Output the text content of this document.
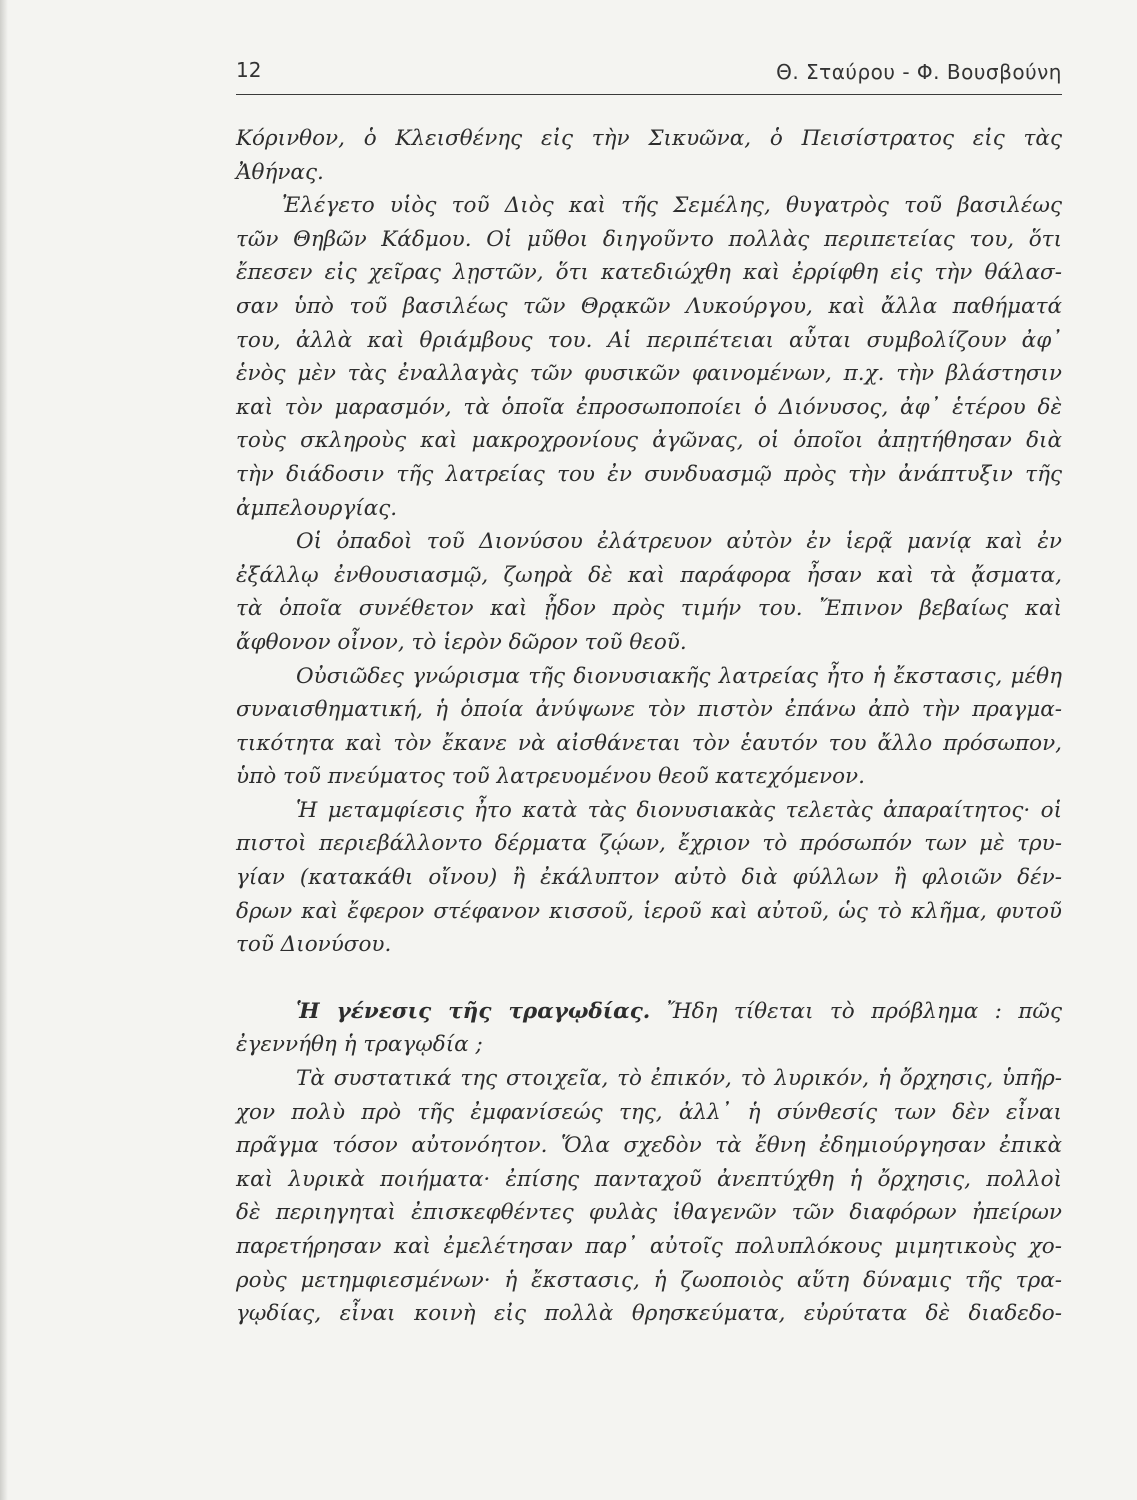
12	Θ. Σταύρου - Φ. Βουσβούνη
Κόρινθον, ὁ Κλεισθένης εἰς τὴν Σικυῶνα, ὁ Πεισίστρατος εἰς τὰς
Ἀθήνας.
Ἐλέγετο υἱὸς τοῦ Διὸς καὶ τῆς Σεμέλης, θυγατρὸς τοῦ βασιλέως
τῶν Θηβῶν Κάδμου. Οἱ μῦθοι διηγοῦντο πολλὰς περιπετείας του, ὅτι
ἔπεσεν εἰς χεῖρας λῃστῶν, ὅτι κατεδιώχθη καὶ ἐρρίφθη εἰς τὴν θάλασ-
σαν ὑπὸ τοῦ βασιλέως τῶν Θρᾳκῶν Λυκούργου, καὶ ἄλλα παθήματά
του, ἀλλὰ καὶ θριάμβους του. Αἱ περιπέτειαι αὗται συμβολίζουν ἀφ᾽
ἑνὸς μὲν τὰς ἐναλλαγὰς τῶν φυσικῶν φαινομένων, π.χ. τὴν βλάστησιν
καὶ τὸν μαρασμόν, τὰ ὁποῖα ἐπροσωποποίει ὁ Διόνυσος, ἀφ᾽ ἑτέρου δὲ
τοὺς σκληροὺς καὶ μακροχρονίους ἀγῶνας, οἱ ὁποῖοι ἀπῃτήθησαν διὰ
τὴν διάδοσιν τῆς λατρείας του ἐν συνδυασμῷ πρὸς τὴν ἀνάπτυξιν τῆς
ἀμπελουργίας.
Οἱ ὀπαδοὶ τοῦ Διονύσου ἐλάτρευον αὐτὸν ἐν ἱερᾷ μανίᾳ καὶ ἐν
ἐξάλλῳ ἐνθουσιασμῷ, ζωηρὰ δὲ καὶ παράφορα ἦσαν καὶ τὰ ᾄσματα,
τὰ ὁποῖα συνέθετον καὶ ᾖδον πρὸς τιμήν του. Ἔπινον βεβαίως καὶ
ἄφθονον οἶνον, τὸ ἱερὸν δῶρον τοῦ θεοῦ.
Οὐσιῶδες γνώρισμα τῆς διονυσιακῆς λατρείας ἦτο ἡ ἔκστασις, μέθη
συναισθηματική, ἡ ὁποία ἀνύψωνε τὸν πιστὸν ἐπάνω ἀπὸ τὴν πραγμα-
τικότητα καὶ τὸν ἔκανε νὰ αἰσθάνεται τὸν ἑαυτόν του ἄλλο πρόσωπον,
ὑπὸ τοῦ πνεύματος τοῦ λατρευομένου θεοῦ κατεχόμενον.
Ἡ μεταμφίεσις ἦτο κατὰ τὰς διονυσιακὰς τελετὰς ἀπαραίτητος· οἱ
πιστοὶ περιεβάλλοντο δέρματα ζῴων, ἔχριον τὸ πρόσωπόν των μὲ τρυ-
γίαν (κατακάθι οἴνου) ἢ ἐκάλυπτον αὐτὸ διὰ φύλλων ἢ φλοιῶν δέν-
δρων καὶ ἔφερον στέφανον κισσοῦ, ἱεροῦ καὶ αὐτοῦ, ὡς τὸ κλῆμα, φυτοῦ
τοῦ Διονύσου.
Ἡ γένεσις τῆς τραγῳδίας. Ἤδη τίθεται τὸ πρόβλημα : πῶς
ἐγεννήθη ἡ τραγῳδία ;
Τὰ συστατικά της στοιχεῖα, τὸ ἐπικόν, τὸ λυρικόν, ἡ ὄρχησις, ὑπῆρ-
χον πολὺ πρὸ τῆς ἐμφανίσεώς της, ἀλλ᾽ ἡ σύνθεσίς των δὲν εἶναι
πρᾶγμα τόσον αὐτονόητον. Ὅλα σχεδὸν τὰ ἔθνη ἐδημιούργησαν ἐπικὰ
καὶ λυρικὰ ποιήματα· ἐπίσης πανταχοῦ ἀνεπτύχθη ἡ ὄρχησις, πολλοὶ
δὲ περιηγηταὶ ἐπισκεφθέντες φυλὰς ἰθαγενῶν τῶν διαφόρων ἠπείρων
παρετήρησαν καὶ ἐμελέτησαν παρ᾽ αὐτοῖς πολυπλόκους μιμητικοὺς χο-
ροὺς μετημφιεσμένων· ἡ ἔκστασις, ἡ ζωοποιὸς αὕτη δύναμις τῆς τρα-
γῳδίας, εἶναι κοινὴ εἰς πολλὰ θρησκεύματα, εὐρύτατα δὲ διαδεδο-
